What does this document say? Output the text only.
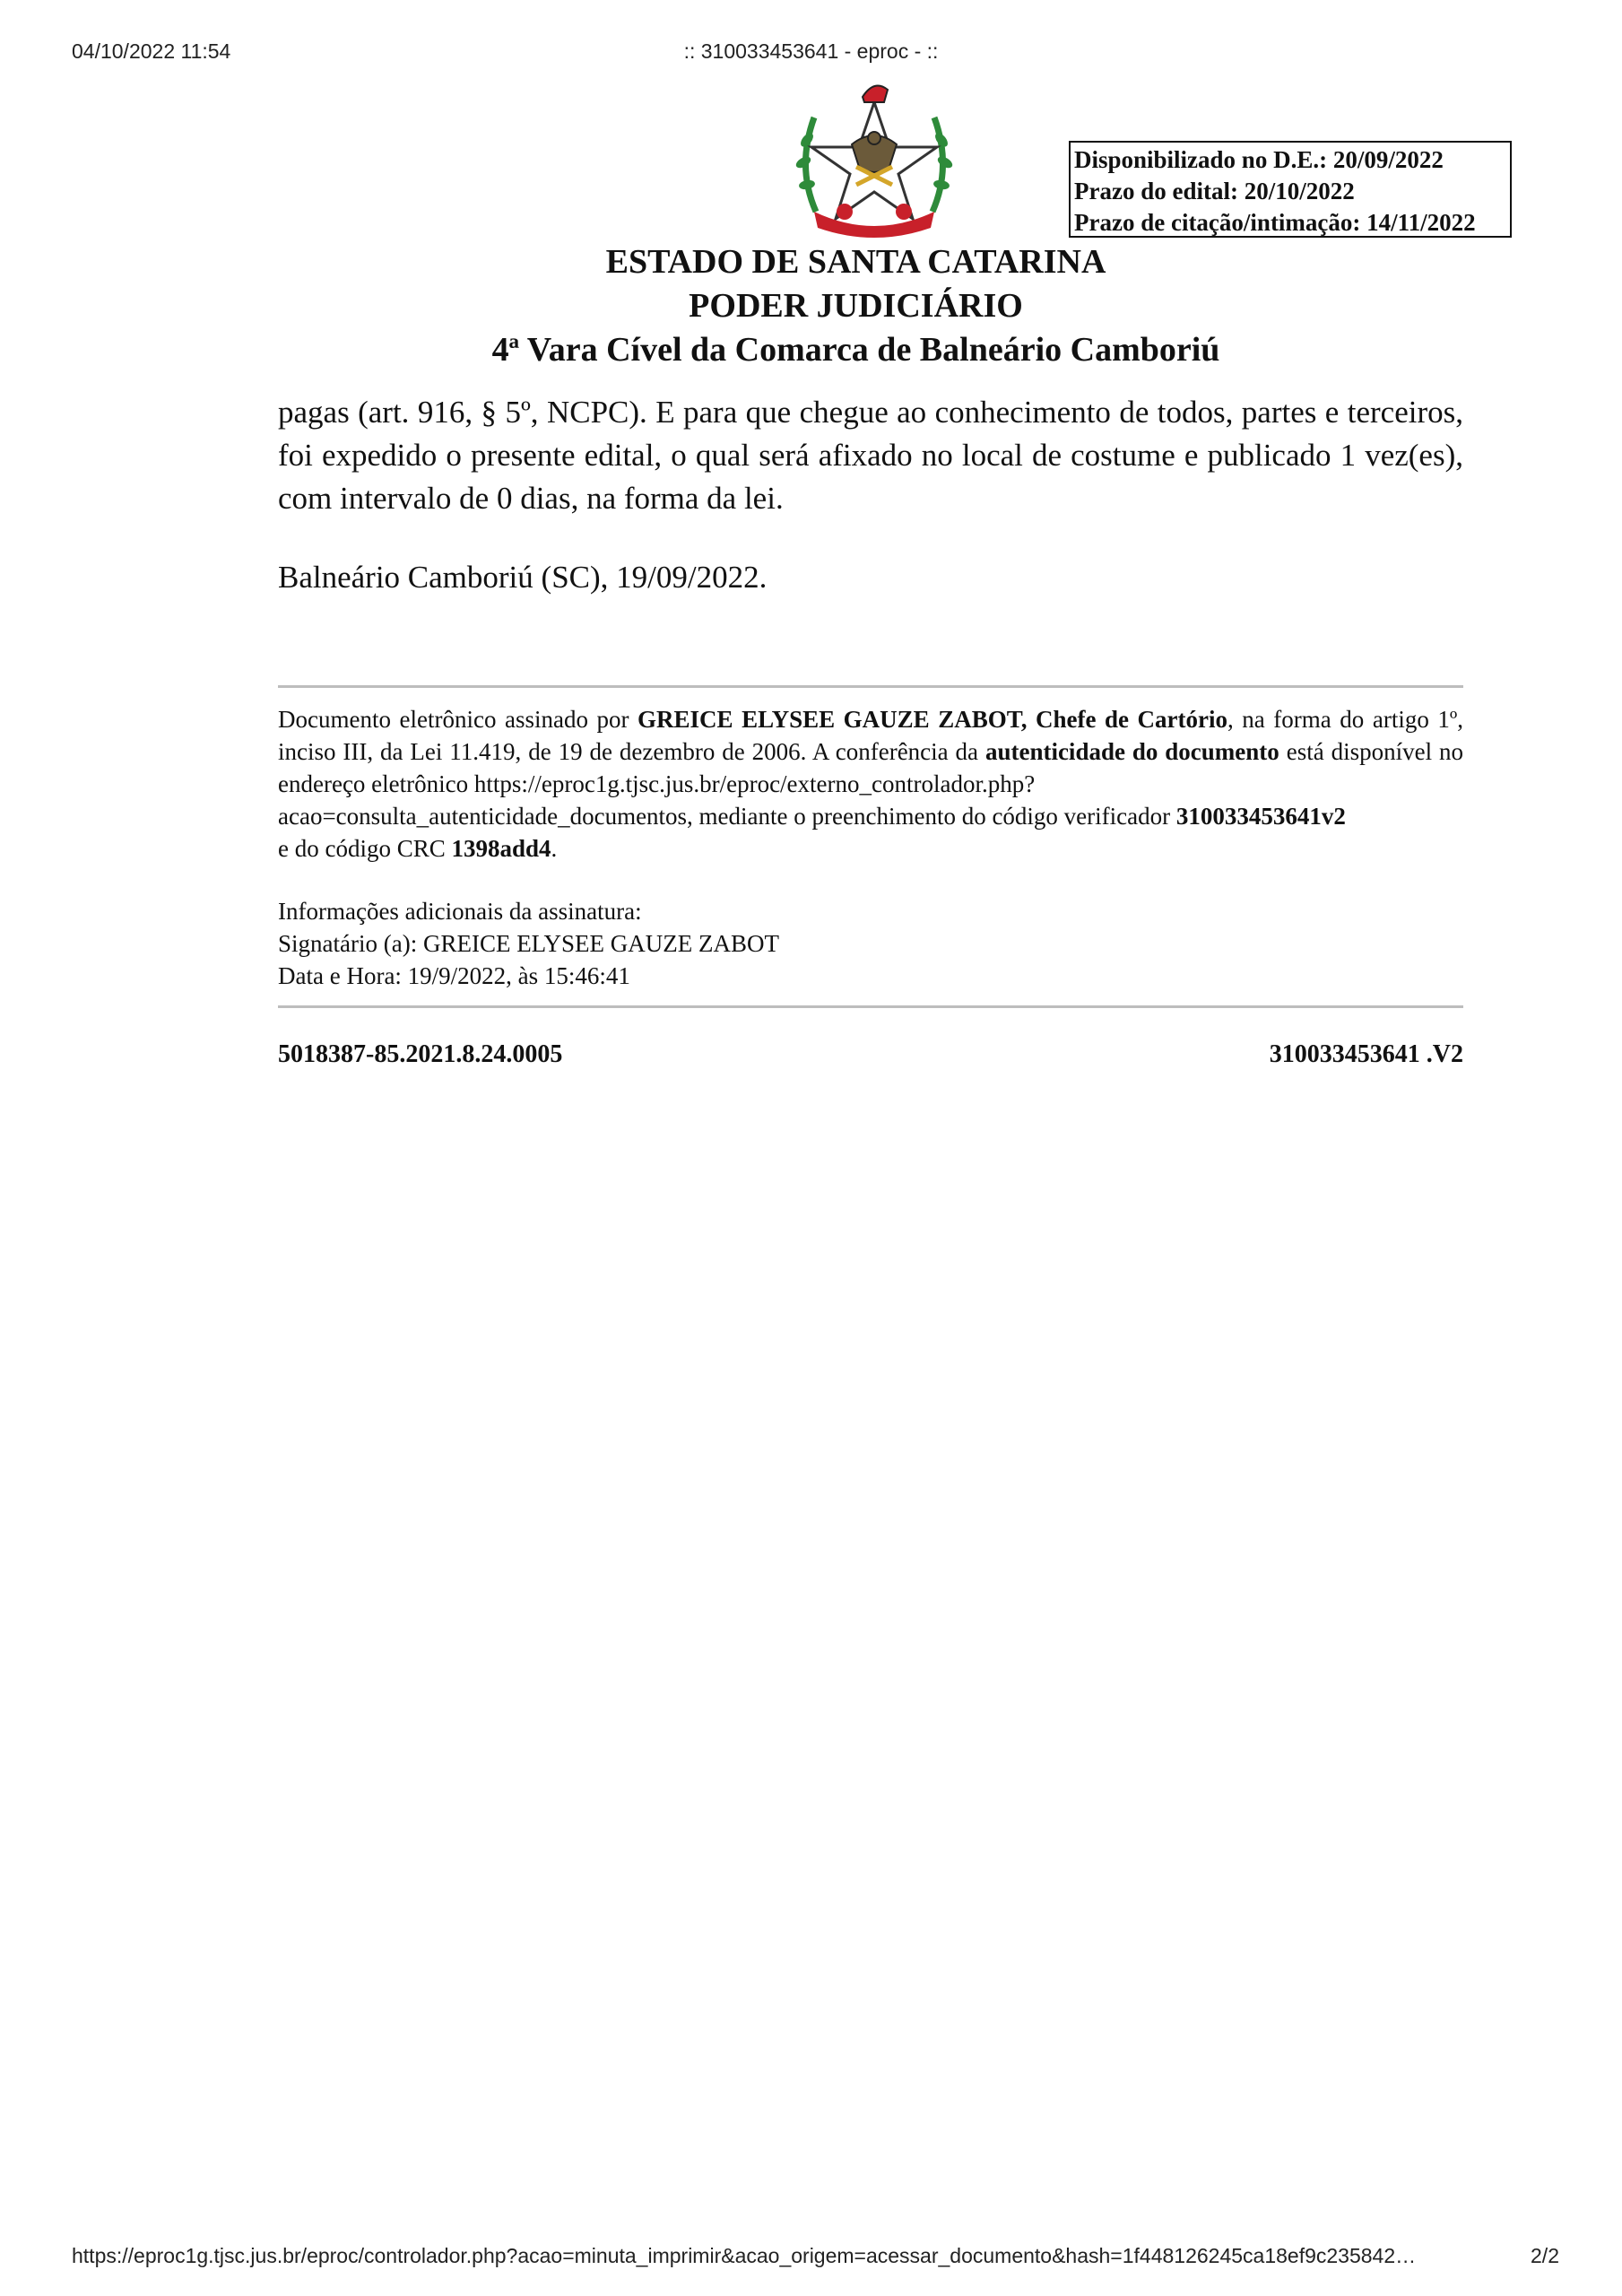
04/10/2022 11:54	:: 310033453641 - eproc - ::
Disponibilizado no D.E.: 20/09/2022
Prazo do edital: 20/10/2022
Prazo de citação/intimação: 14/11/2022
ESTADO DE SANTA CATARINA
PODER JUDICIÁRIO
4ª Vara Cível da Comarca de Balneário Camboriú
pagas (art. 916, § 5º, NCPC). E para que chegue ao conhecimento de todos, partes e terceiros, foi expedido o presente edital, o qual será afixado no local de costume e publicado 1 vez(es), com intervalo de 0 dias, na forma da lei.
Balneário Camboriú (SC), 19/09/2022.
Documento eletrônico assinado por GREICE ELYSEE GAUZE ZABOT, Chefe de Cartório, na forma do artigo 1º, inciso III, da Lei 11.419, de 19 de dezembro de 2006. A conferência da autenticidade do documento está disponível no endereço eletrônico https://eproc1g.tjsc.jus.br/eproc/externo_controlador.php?
acao=consulta_autenticidade_documentos, mediante o preenchimento do código verificador 310033453641v2
e do código CRC 1398add4.
Informações adicionais da assinatura:
Signatário (a): GREICE ELYSEE GAUZE ZABOT
Data e Hora: 19/9/2022, às 15:46:41
5018387-85.2021.8.24.0005	310033453641 .V2
https://eproc1g.tjsc.jus.br/eproc/controlador.php?acao=minuta_imprimir&acao_origem=acessar_documento&hash=1f448126245ca18ef9c235842…	2/2
